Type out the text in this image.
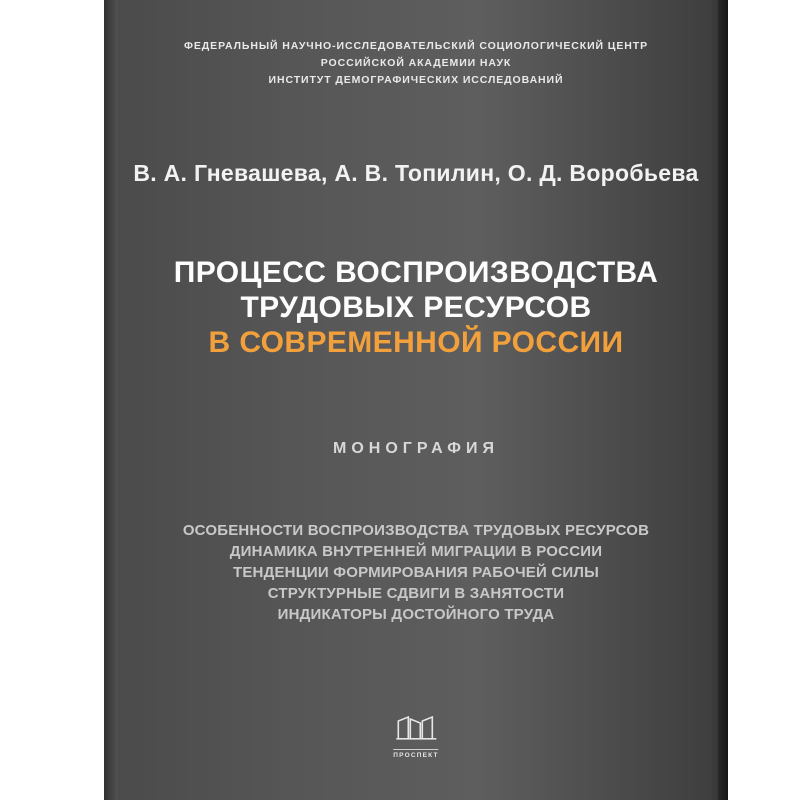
ФЕДЕРАЛЬНЫЙ НАУЧНО-ИССЛЕДОВАТЕЛЬСКИЙ СОЦИОЛОГИЧЕСКИЙ ЦЕНТР
РОССИЙСКОЙ АКАДЕМИИ НАУК
ИНСТИТУТ ДЕМОГРАФИЧЕСКИХ ИССЛЕДОВАНИЙ
В. А. Гневашева, А. В. Топилин, О. Д. Воробьева
ПРОЦЕСС ВОСПРОИЗВОДСТВА
ТРУДОВЫХ РЕСУРСОВ
В СОВРЕМЕННОЙ РОССИИ
МОНОГРАФИЯ
ОСОБЕННОСТИ ВОСПРОИЗВОДСТВА ТРУДОВЫХ РЕСУРСОВ
ДИНАМИКА ВНУТРЕННЕЙ МИГРАЦИИ В РОССИИ
ТЕНДЕНЦИИ ФОРМИРОВАНИЯ РАБОЧЕЙ СИЛЫ
СТРУКТУРНЫЕ СДВИГИ В ЗАНЯТОСТИ
ИНДИКАТОРЫ ДОСТОЙНОГО ТРУДА
ПРОСПЕКТ
